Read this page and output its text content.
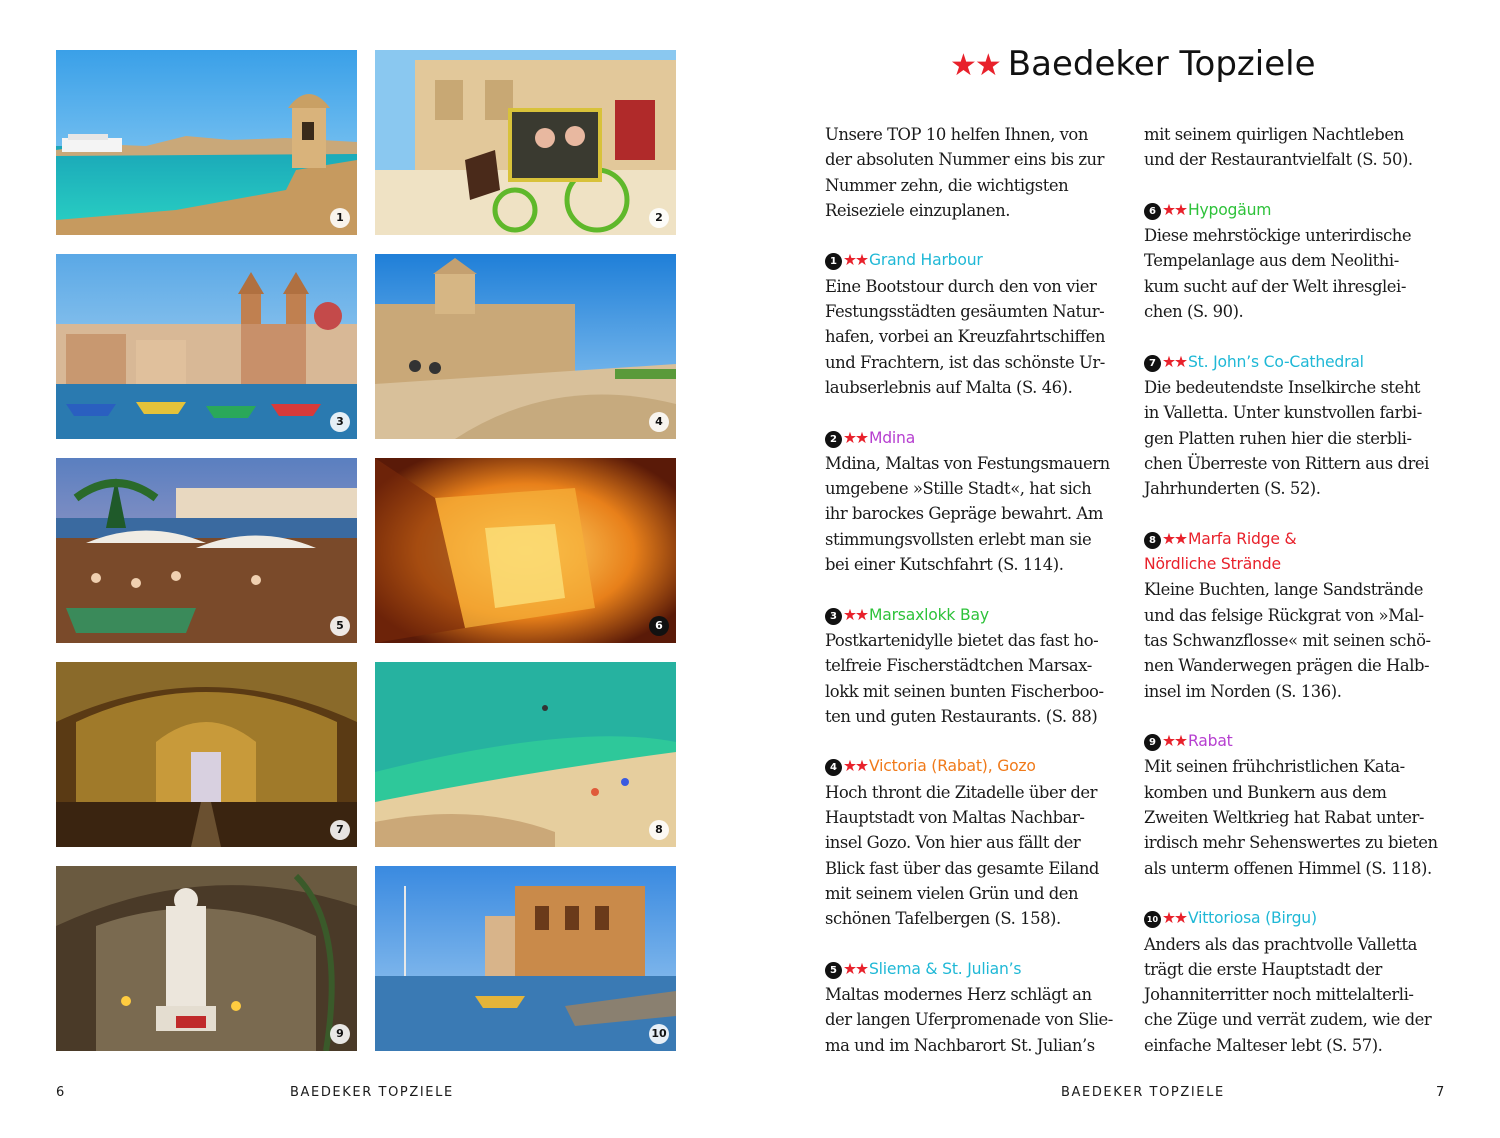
1	2
3	4
5	6
7	8
9	10
6	BAEDEKER TOPZIELE
★★ Baedeker Topziele

Unsere TOP 10 helfen Ihnen, von

der absoluten Nummer eins bis zur

Nummer zehn, die wichtigsten

Reiseziele einzuplanen.

1 ★★ Grand Harbour

Eine Bootstour durch den von vier

Festungsstädten gesäumten Natur-

hafen, vorbei an Kreuzfahrtschiffen

und Frachtern, ist das schönste Ur-

laubserlebnis auf Malta (S. 46).

2 ★★ Mdina

Mdina, Maltas von Festungsmauern

umgebene »Stille Stadt«, hat sich

ihr barockes Gepräge bewahrt. Am

stimmungsvollsten erlebt man sie

bei einer Kutschfahrt (S. 114).

3 ★★ Marsaxlokk Bay

Postkartenidylle bietet das fast ho-

telfreie Fischerstädtchen Marsax-

lokk mit seinen bunten Fischerboo-

ten und guten Restaurants. (S. 88)

4 ★★ Victoria (Rabat), Gozo

Hoch thront die Zitadelle über der

Hauptstadt von Maltas Nachbar-

insel Gozo. Von hier aus fällt der

Blick fast über das gesamte Eiland

mit seinem vielen Grün und den

schönen Tafelbergen (S. 158).

5 ★★ Sliema & St. Julian’s

Maltas modernes Herz schlägt an

der langen Uferpromenade von Slie-

ma und im Nachbarort St. Julian’s

mit seinem quirligen Nachtleben

und der Restaurantvielfalt (S. 50).

6 ★★ Hypogäum

Diese mehrstöckige unterirdische

Tempelanlage aus dem Neolithi-

kum sucht auf der Welt ihresglei-

chen (S. 90).

7 ★★ St. John’s Co-Cathedral

Die bedeutendste Inselkirche steht

in Valletta. Unter kunstvollen farbi-

gen Platten ruhen hier die sterbli-

chen Überreste von Rittern aus drei

Jahrhunderten (S. 52).

8 ★★ Marfa Ridge &

Nördliche Strände

Kleine Buchten, lange Sandstrände

und das felsige Rückgrat von »Mal-

tas Schwanzflosse« mit seinen schö-

nen Wanderwegen prägen die Halb-

insel im Norden (S. 136).

9 ★★ Rabat

Mit seinen frühchristlichen Kata-

komben und Bunkern aus dem

Zweiten Weltkrieg hat Rabat unter-

irdisch mehr Sehenswertes zu bieten

als unterm offenen Himmel (S. 118).

10 ★★ Vittoriosa (Birgu)

Anders als das prachtvolle Valletta

trägt die erste Hauptstadt der

Johanniterritter noch mittelalterli-

che Züge und verrät zudem, wie der

einfache Malteser lebt (S. 57).

BAEDEKER TOPZIELE	7
